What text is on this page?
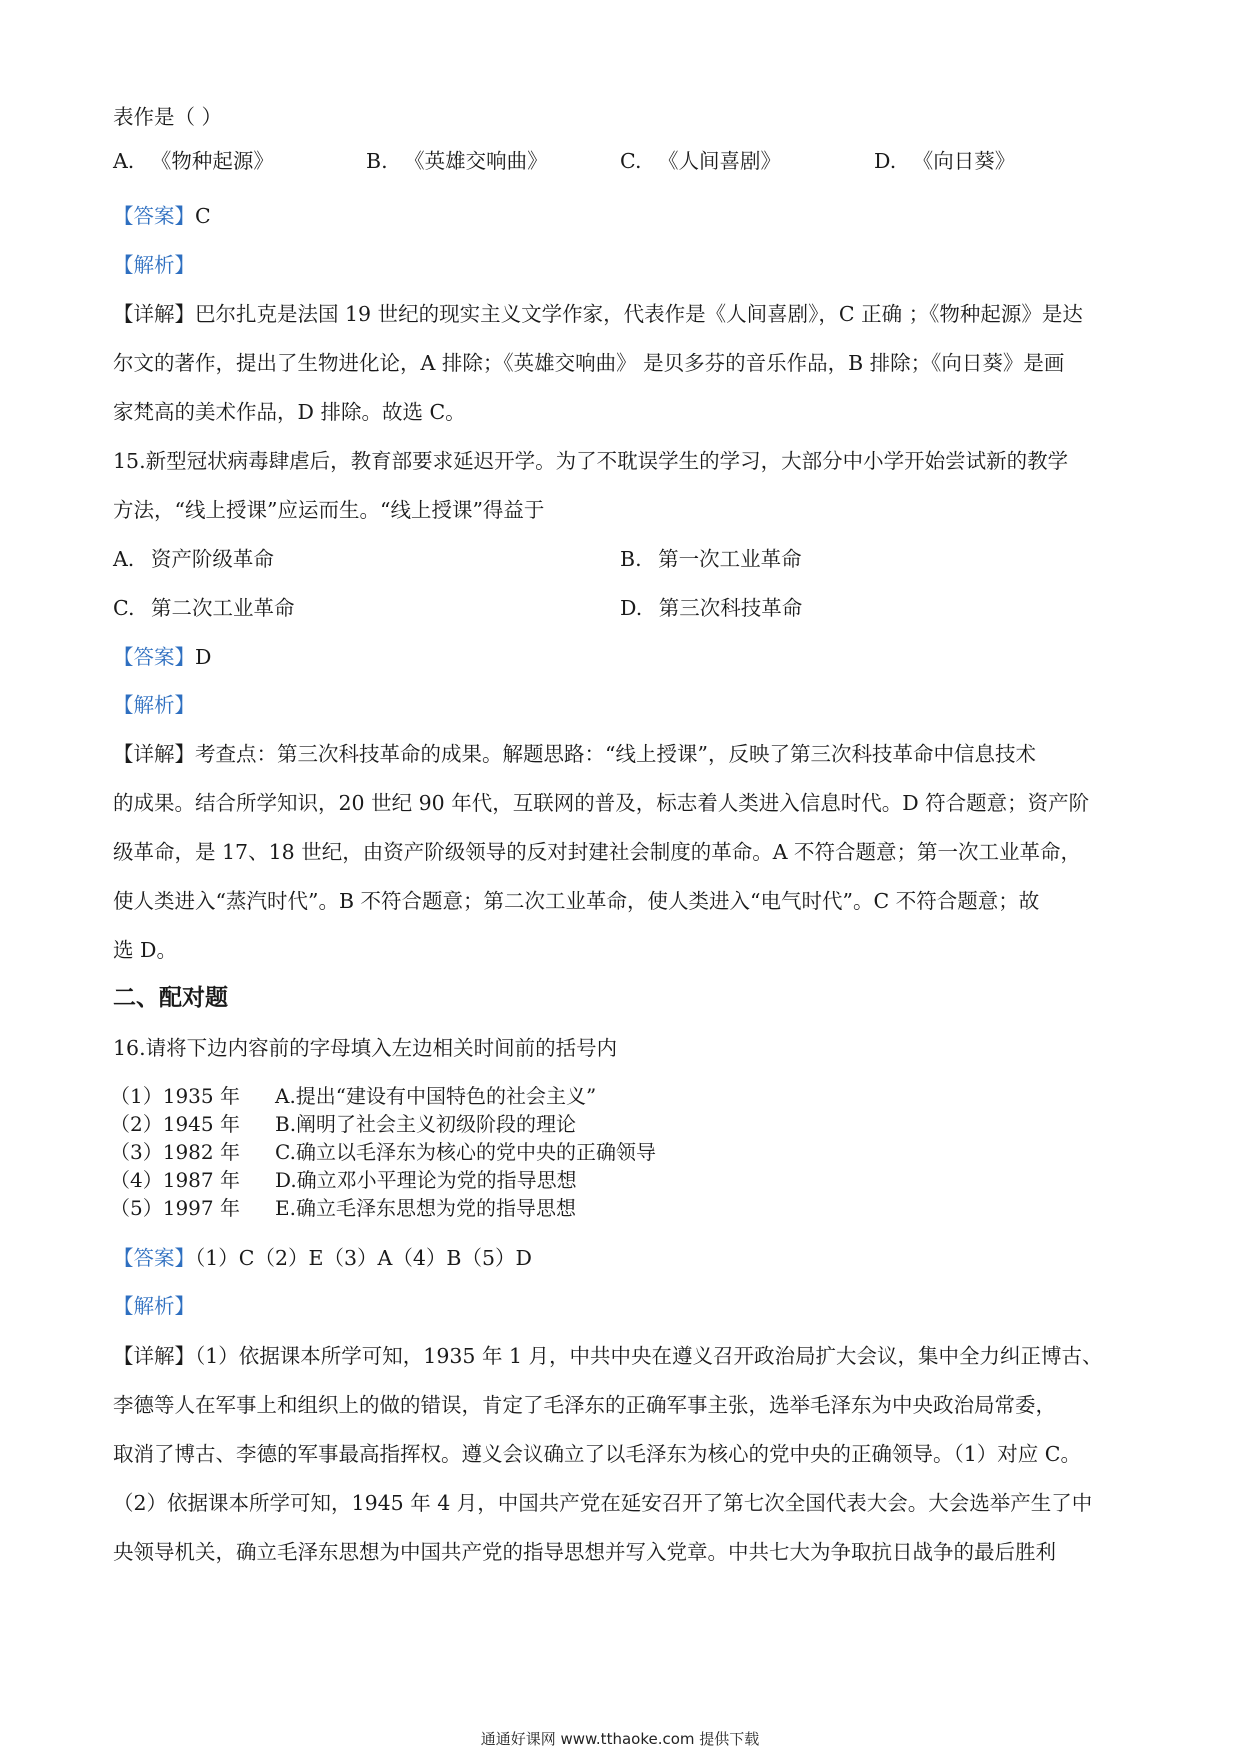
表作是（ ）
A. 《物种起源》	B. 《英雄交响曲》	C. 《人间喜剧》	D. 《向日葵》
【答案】C
【解析】
【详解】巴尔扎克是法国 19 世纪的现实主义文学作家，代表作是《人间喜剧》，C 正确 ；《物种起源》是达
尔文的著作，提出了生物进化论，A 排除；《英雄交响曲》 是贝多芬的音乐作品，B 排除；《向日葵》是画
家梵高的美术作品，D 排除。故选 C。
15.新型冠状病毒肆虐后，教育部要求延迟开学。为了不耽误学生的学习，大部分中小学开始尝试新的教学
方法，“线上授课”应运而生。“线上授课”得益于
A. 资产阶级革命	B. 第一次工业革命
C. 第二次工业革命	D. 第三次科技革命
【答案】D
【解析】
【详解】考查点：第三次科技革命的成果。解题思路：“线上授课”，反映了第三次科技革命中信息技术
的成果。结合所学知识，20 世纪 90 年代，互联网的普及，标志着人类进入信息时代。D 符合题意；资产阶
级革命，是 17、18 世纪，由资产阶级领导的反对封建社会制度的革命。A 不符合题意；第一次工业革命，
使人类进入“蒸汽时代”。B 不符合题意；第二次工业革命，使人类进入“电气时代”。C 不符合题意；故
选 D。
二、配对题
16.请将下边内容前的字母填入左边相关时间前的括号内
（1）1935 年 A.提出“建设有中国特色的社会主义”
（2）1945 年 B.阐明了社会主义初级阶段的理论
（3）1982 年 C.确立以毛泽东为核心的党中央的正确领导
（4）1987 年 D.确立邓小平理论为党的指导思想
（5）1997 年 E.确立毛泽东思想为党的指导思想
【答案】（1）C（2）E（3）A（4）B（5）D
【解析】
【详解】（1）依据课本所学可知，1935 年 1 月，中共中央在遵义召开政治局扩大会议，集中全力纠正博古、
李德等人在军事上和组织上的做的错误，肯定了毛泽东的正确军事主张，选举毛泽东为中央政治局常委，
取消了博古、李德的军事最高指挥权。遵义会议确立了以毛泽东为核心的党中央的正确领导。（1）对应 C。
（2）依据课本所学可知，1945 年 4 月，中国共产党在延安召开了第七次全国代表大会。大会选举产生了中
央领导机关，确立毛泽东思想为中国共产党的指导思想并写入党章。中共七大为争取抗日战争的最后胜利
通通好课网 www.tthaoke.com 提供下载
